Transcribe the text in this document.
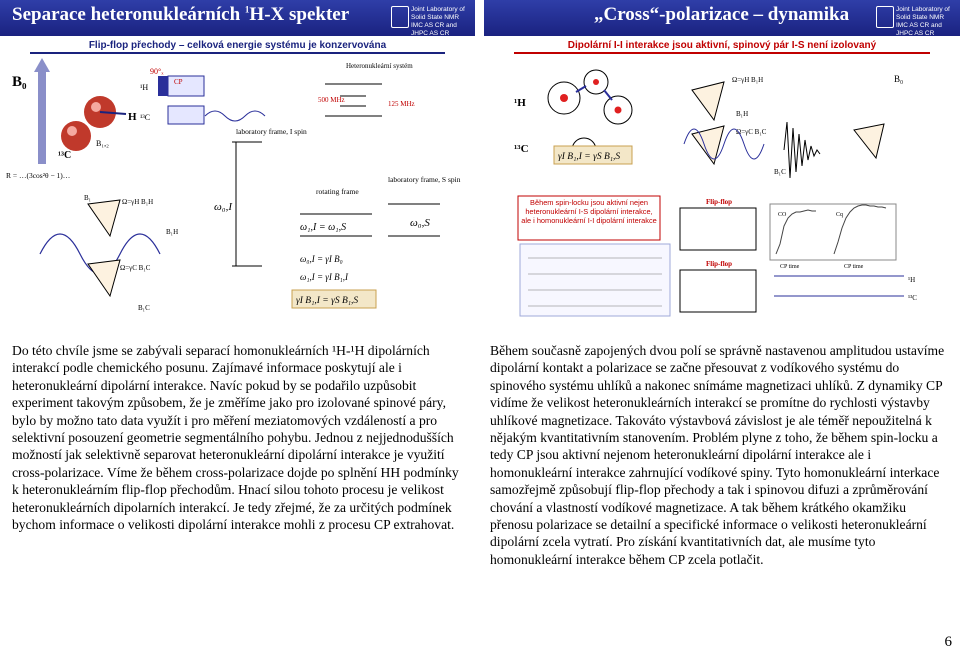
Separace heteronukleárních $^1$H-X spekter	Joint Laboratory of Solid State NMR IMC AS CR and JHPC AS CR
Flip-flop přechody – celková energie systému je konzervována
B₀
H
¹³C
B₁,₂
R = …(3cos²θ − 1)…
90°ₓ
¹H
¹³C
CP
Heteronukleární systém
500 MHz	125 MHz
laboratory frame, I spin
rotating frame
laboratory frame, S spin
ω₀,I
ω₁,I = ω₁,S	ω₀,S
ω₀,I = γI B₀
ω₁,I = γI B₁,I
γI B₁,I = γS B₁,S
Ω=γH B₁H
B₁H
Ω=γC B₁C
B₁C
B₁
„Cross“-polarizace – dynamika	Joint Laboratory of Solid State NMR IMC AS CR and JHPC AS CR
Dipolární I-I interakce jsou aktivní, spinový pár I-S není izolovaný
¹H
¹³C
γI B₁,I = γS B₁,S
Ω=γH B₁H
B₁H
Ω=γC B₁C
B₁C
B₀
Během spin-locku jsou aktivní nejen heteronukleární I-S dipolární interakce, ale i homonukleární I-I dipolární interakce
Flip-flop
Flip-flop
CO	Cq
CP time	CP time
¹H
¹³C
Do této chvíle jsme se zabývali separací homonukleárních ¹H-¹H dipolárních interakcí podle chemického posunu. Zajímavé informace poskytují ale i heteronukleární dipolární interakce. Navíc pokud by se podařilo uzpůsobit experiment takovým způsobem, že je změříme jako pro izolované spinové páry, bylo by možno tato data využít i pro měření meziatomových vzdáleností a pro selektivní posouzení geometrie segmentálního pohybu. Jednou z nejjednodušších možností jak selektivně separovat heteronukleární dipolární interakce je využití cross-polarizace. Víme že během cross-polarizace dojde po splnění HH podmínky k heteronukleárním flip-flop přechodům. Hnací silou tohoto procesu je velikost heteronukleárních dipolarních interakcí. Je tedy zřejmé, že za určitých podmínek bychom informace o velikosti dipolární interakce mohli z procesu CP extrahovat.
Během současně zapojených dvou polí se správně nastavenou amplitudou ustavíme dipolární kontakt a polarizace se začne přesouvat z vodíkového systému do spinového systému uhlíků a nakonec snímáme magnetizaci uhlíků. Z dynamiky CP vidíme že velikost heteronukleárních interakcí se promítne do rychlosti výstavby uhlíkové magnetizace. Takováto výstavbová závislost je ale téměř nepoužitelná k nějakým kvantitativním stanovením. Problém plyne z toho, že během spin-locku a tedy CP jsou aktivní nejenom heteronukleární dipolární interakce ale i homonukleární interakce zahrnující vodíkové spiny. Tyto homonukleární interkace samozřejmě způsobují flip-flop přechody a tak i spinovou difuzi a zprůměrování chování a vlastností vodíkové magnetizace. A tak během krátkého okamžiku přenosu polarizace se detailní a specifické informace o velikosti heteronukleární dipolární zcela vytratí. Pro získání kvantitativních dat, ale musíme tyto homonukleární interakce během CP zcela potlačit.
6
